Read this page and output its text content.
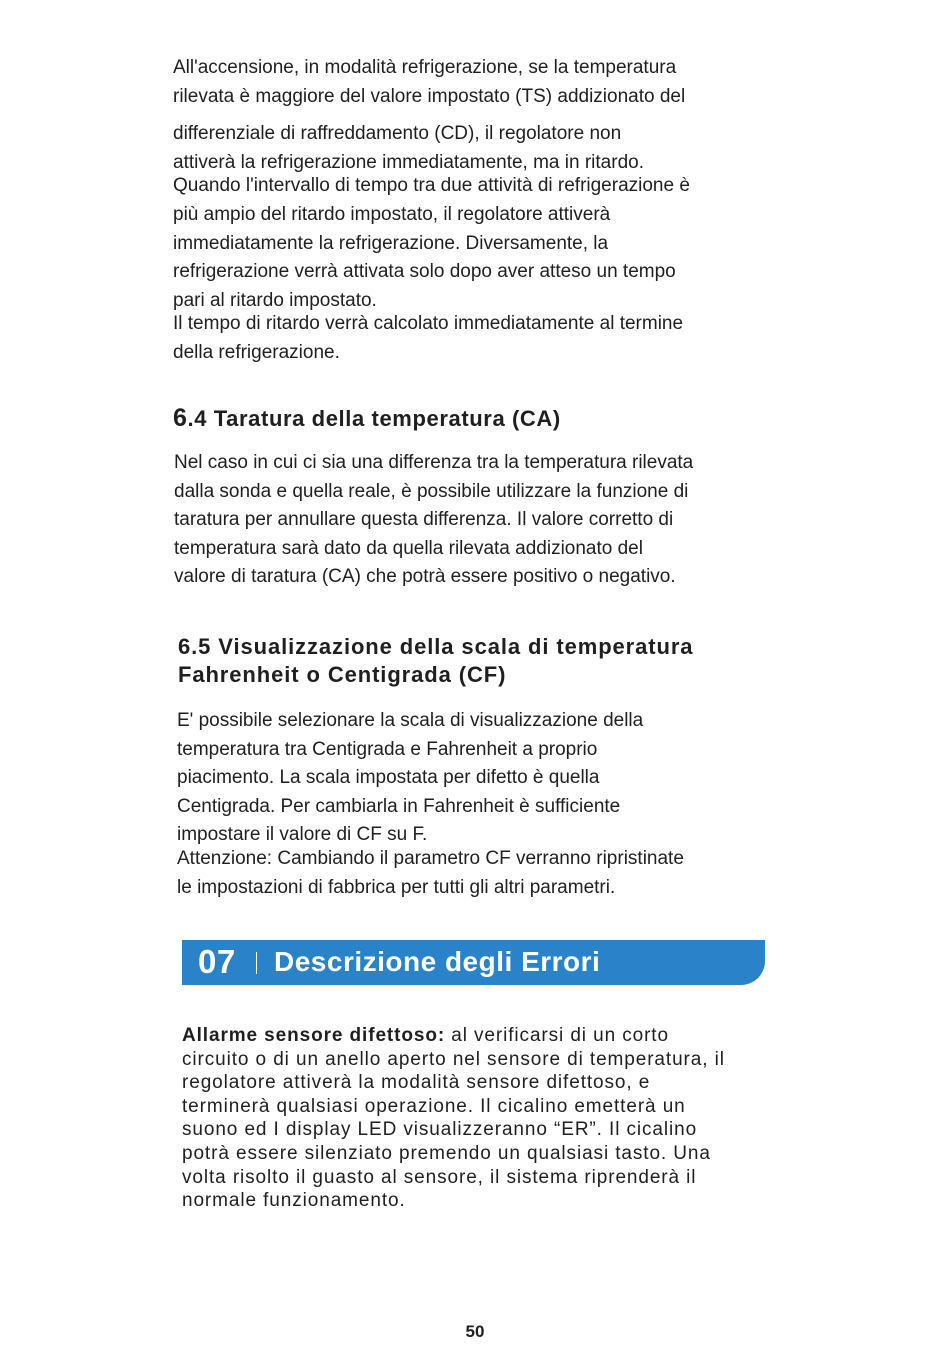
All'accensione, in modalità refrigerazione, se la temperatura
rilevata è maggiore del valore impostato (TS) addizionato del
differenziale di raffreddamento (CD), il regolatore non
attiverà la refrigerazione immediatamente, ma in ritardo.
Quando l'intervallo di tempo tra due attività di refrigerazione è
più ampio del ritardo impostato, il regolatore attiverà
immediatamente la refrigerazione. Diversamente, la
refrigerazione verrà attivata solo dopo aver atteso un tempo
pari al ritardo impostato.
Il tempo di ritardo verrà calcolato immediatamente al termine
della refrigerazione.
6.4 Taratura della temperatura (CA)
Nel caso in cui ci sia una differenza tra la temperatura rilevata
dalla sonda e quella reale, è possibile utilizzare la funzione di
taratura per annullare questa differenza. Il valore corretto di
temperatura sarà dato da quella rilevata addizionato del
valore di taratura (CA) che potrà essere positivo o negativo.
6.5 Visualizzazione della scala di temperatura
Fahrenheit o Centigrada (CF)
E' possibile selezionare la scala di visualizzazione della
temperatura tra Centigrada e Fahrenheit a proprio
piacimento. La scala impostata per difetto è quella
Centigrada. Per cambiarla in Fahrenheit è sufficiente
impostare il valore di CF su F.
Attenzione: Cambiando il parametro CF verranno ripristinate
le impostazioni di fabbrica per tutti gli altri parametri.
07 Descrizione degli Errori
Allarme sensore difettoso: al verificarsi di un corto
circuito o di un anello aperto nel sensore di temperatura, il
regolatore attiverà la modalità sensore difettoso, e
terminerà qualsiasi operazione. Il cicalino emetterà un
suono ed I display LED visualizzeranno “ER”. Il cicalino
potrà essere silenziato premendo un qualsiasi tasto. Una
volta risolto il guasto al sensore, il sistema riprenderà il
normale funzionamento.
50
